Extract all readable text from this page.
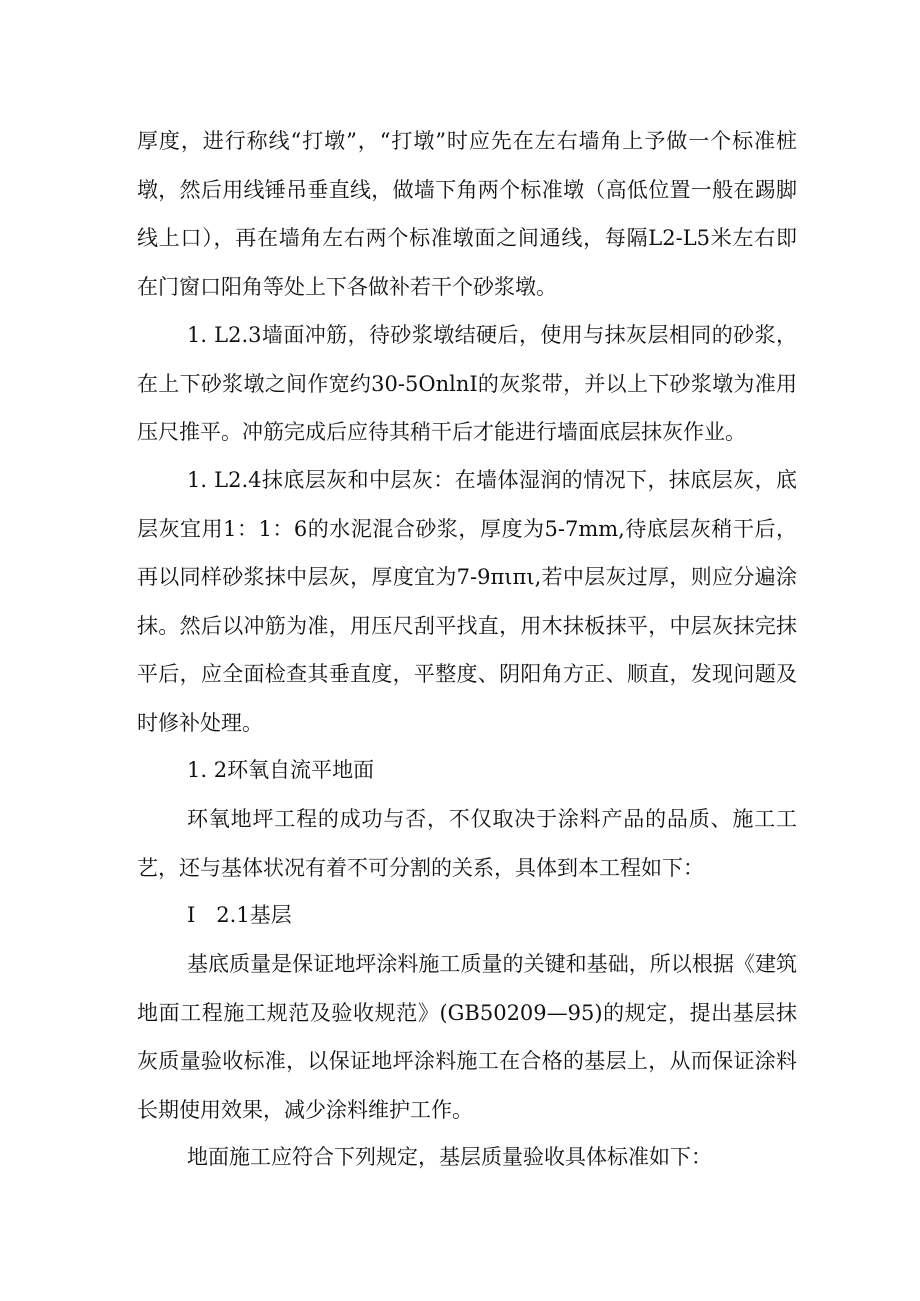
厚度，进行称线“打墩”，“打墩”时应先在左右墙角上予做一个标准桩墩，然后用线锤吊垂直线，做墙下角两个标准墩（高低位置一般在踢脚线上口），再在墙角左右两个标准墩面之间通线，每隔L2-L5米左右即在门窗口阳角等处上下各做补若干个砂浆墩。

1. L2.3墙面冲筋，待砂浆墩结硬后，使用与抹灰层相同的砂浆，在上下砂浆墩之间作宽约30-5OnlnI的灰浆带，并以上下砂浆墩为准用压尺推平。冲筋完成后应待其稍干后才能进行墙面底层抹灰作业。

1. L2.4抹底层灰和中层灰：在墙体湿润的情况下，抹底层灰，底层灰宜用1：1：6的水泥混合砂浆，厚度为5-7mm,待底层灰稍干后，再以同样砂浆抹中层灰，厚度宜为7-9πιπι,若中层灰过厚，则应分遍涂抹。然后以冲筋为准，用压尺刮平找直，用木抹板抹平，中层灰抹完抹平后，应全面检查其垂直度，平整度、阴阳角方正、顺直，发现问题及时修补处理。

1. 2环氧自流平地面

环氧地坪工程的成功与否，不仅取决于涂料产品的品质、施工工艺，还与基体状况有着不可分割的关系，具体到本工程如下：

I　2.1基层

基底质量是保证地坪涂料施工质量的关键和基础，所以根据《建筑地面工程施工规范及验收规范》(GB50209—95)的规定，提出基层抹灰质量验收标准，以保证地坪涂料施工在合格的基层上，从而保证涂料长期使用效果，减少涂料维护工作。

地面施工应符合下列规定，基层质量验收具体标准如下：
